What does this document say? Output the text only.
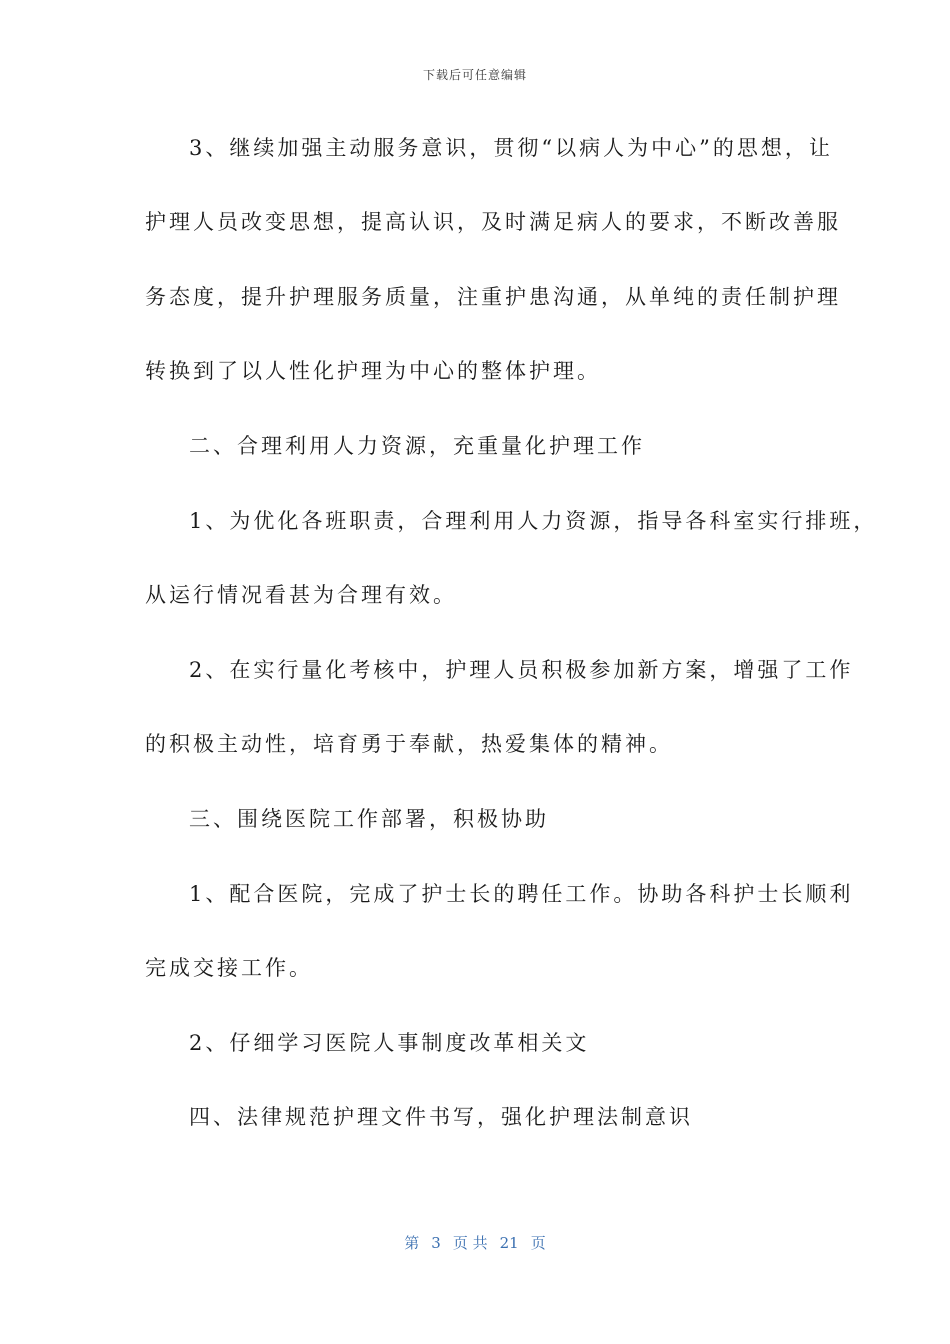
下载后可任意编辑
3、继续加强主动服务意识，贯彻“以病人为中心”的思想，让
护理人员改变思想，提高认识，及时满足病人的要求，不断改善服
务态度，提升护理服务质量，注重护患沟通，从单纯的责任制护理
转换到了以人性化护理为中心的整体护理。
二、合理利用人力资源，充重量化护理工作
1、为优化各班职责，合理利用人力资源，指导各科室实行排班，
从运行情况看甚为合理有效。
2、在实行量化考核中，护理人员积极参加新方案，增强了工作
的积极主动性，培育勇于奉献，热爱集体的精神。
三、围绕医院工作部署，积极协助
1、配合医院，完成了护士长的聘任工作。协助各科护士长顺利
完成交接工作。
2、仔细学习医院人事制度改革相关文
四、法律规范护理文件书写，强化护理法制意识
第 3 页 共 21 页
